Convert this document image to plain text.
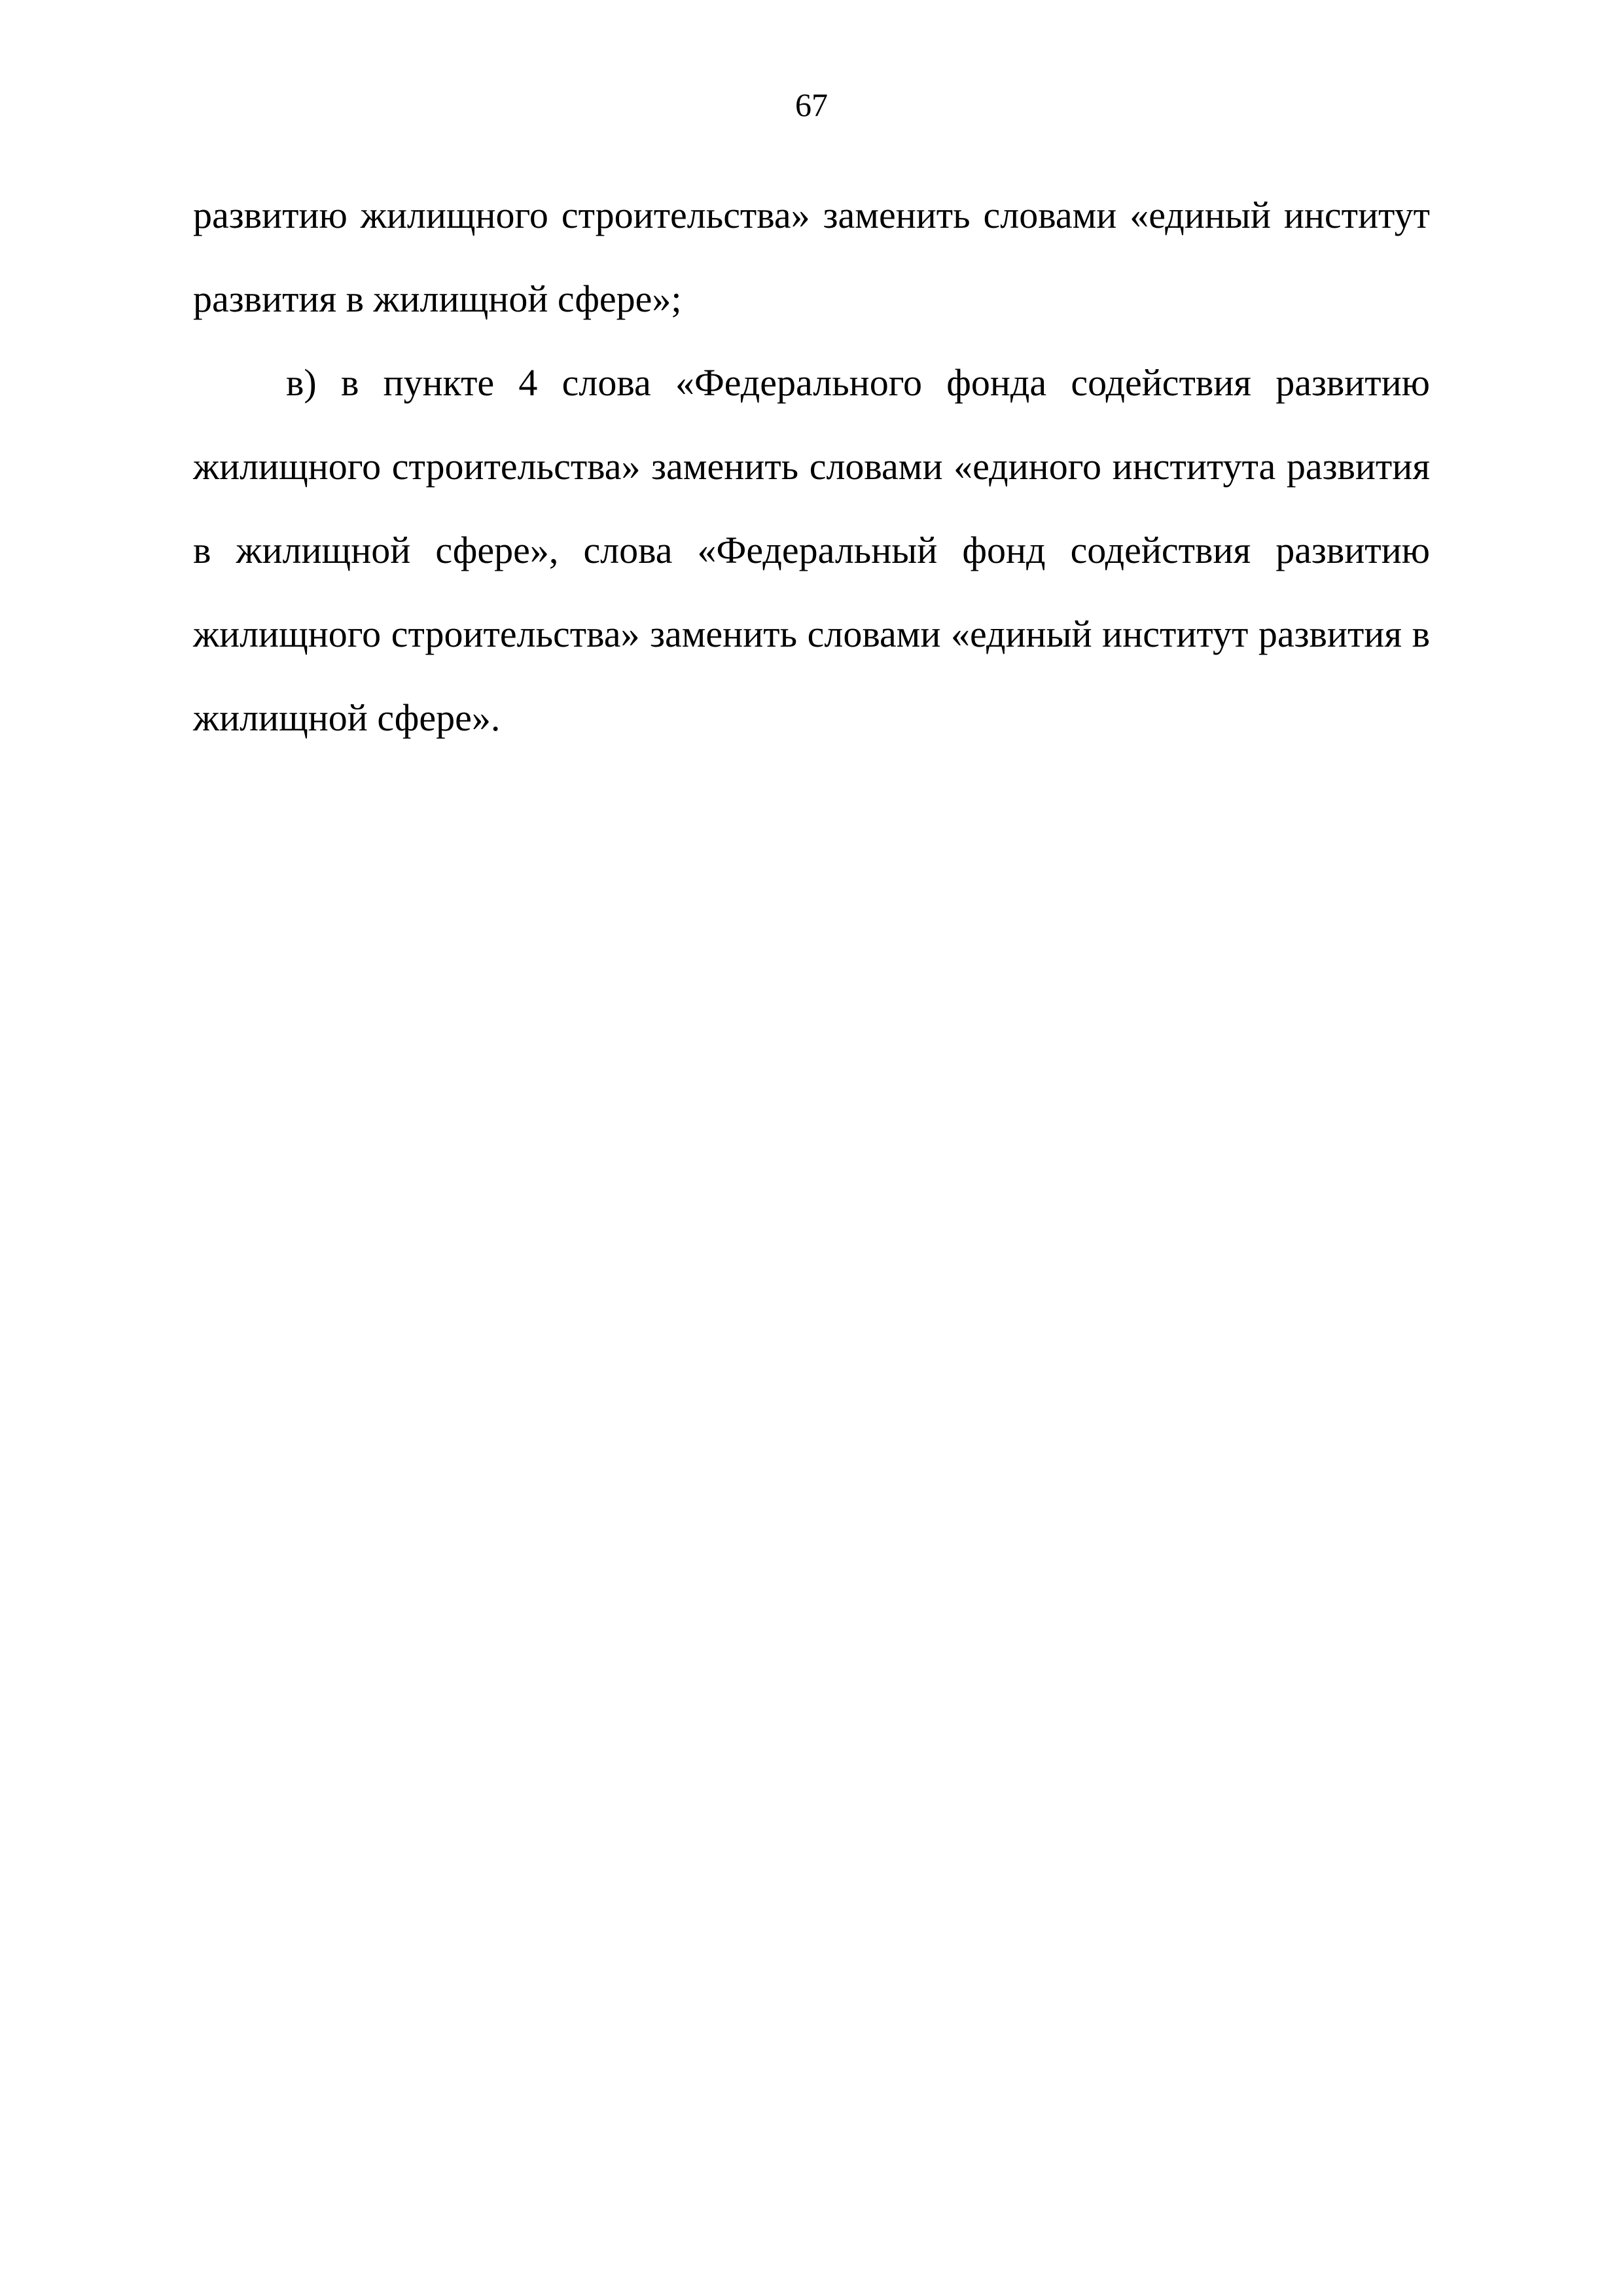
67

развитию жилищного строительства» заменить словами «единый институт развития в жилищной сфере»;

в) в пункте 4 слова «Федерального фонда содействия развитию жилищного строительства» заменить словами «единого института развития в жилищной сфере», слова «Федеральный фонд содействия развитию жилищного строительства» заменить словами «единый институт развития в жилищной сфере».
